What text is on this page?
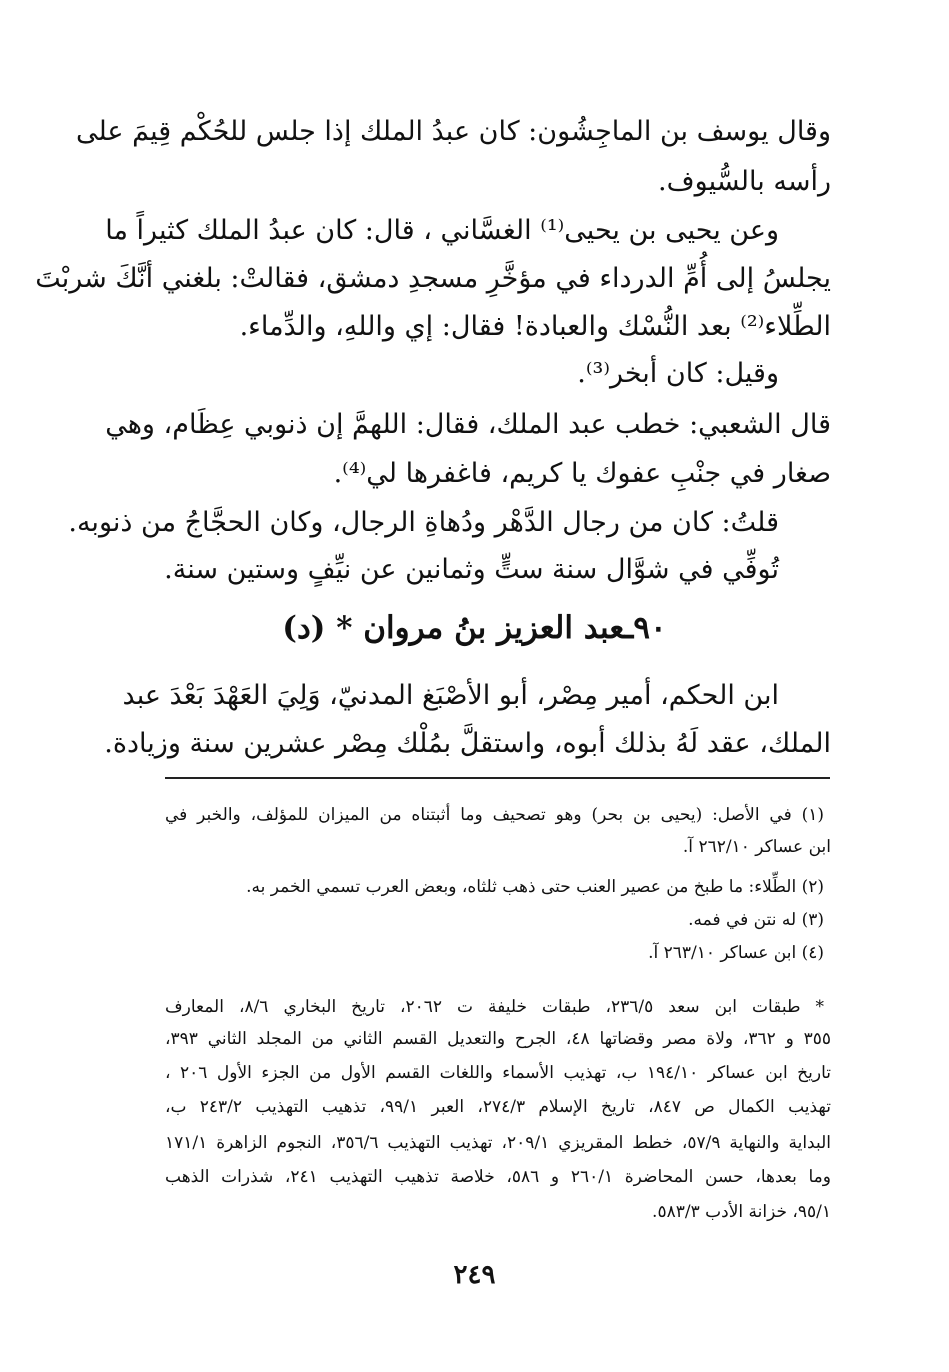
وقال يوسف بن الماجِشُون: كان عبدُ الملك إذا جلس للحُكْم قِيمَ على
رأسه بالسُّيوف.
وعن يحيى بن يحيى⁽¹⁾ الغسَّاني ، قال: كان عبدُ الملك كثيراً ما
يجلسُ إلى أُمِّ الدرداء في مؤخَّرِ مسجدِ دمشق، فقالتْ: بلغني أنَّكَ شربْتَ
الطِّلاء⁽²⁾ بعد النُّسْك والعبادة! فقال: إي واللهِ، والدِّماء.
وقيل: كان أبخر⁽³⁾.
قال الشعبي: خطب عبد الملك، فقال: اللهمَّ إن ذنوبي عِظَام، وهي
صغار في جنْبِ عفوك يا كريم، فاغفرها لي⁽⁴⁾.
قلتُ: كان من رجال الدَّهْر ودُهاةِ الرجال، وكان الحجَّاجُ من ذنوبه.
تُوفِّي في شوَّال سنة ستٍّ وثمانين عن نيِّفٍ وستين سنة.
٩٠ـعبد العزيز بنُ مروان * (د)
ابن الحكم، أمير مِصْر، أبو الأصْبَغ المدنيّ، وَلِيَ العَهْدَ بَعْدَ عبد
الملك، عقد لَهُ بذلك أبوه، واستقلَّ بمُلْك مِصْر عشرين سنة وزيادة.
(١) في الأصل: (يحيى بن بحر) وهو تصحيف وما أثبتناه من الميزان للمؤلف، والخبر في
ابن عساكر ٢٦٢/١٠ آ.
(٢) الطِّلاء: ما طبخ من عصير العنب حتى ذهب ثلثاه، وبعض العرب تسمي الخمر به.
(٣) له نتن في فمه.
(٤) ابن عساكر ٢٦٣/١٠ آ.
* طبقات ابن سعد ٢٣٦/٥، طبقات خليفة ت ٢٠٦٢، تاريخ البخاري ٨/٦، المعارف
٣٥٥ و ٣٦٢، ولاة مصر وقضاتها ٤٨، الجرح والتعديل القسم الثاني من المجلد الثاني ٣٩٣،
تاريخ ابن عساكر ١٩٤/١٠ ب، تهذيب الأسماء واللغات القسم الأول من الجزء الأول ٢٠٦ ،
تهذيب الكمال ص ٨٤٧، تاريخ الإسلام ٢٧٤/٣، العبر ٩٩/١، تذهيب التهذيب ٢٤٣/٢ ب،
البداية والنهاية ٥٧/٩، خطط المقريزي ٢٠٩/١، تهذيب التهذيب ٣٥٦/٦، النجوم الزاهرة ١٧١/١
وما بعدها، حسن المحاضرة ٢٦٠/١ و ٥٨٦، خلاصة تذهيب التهذيب ٢٤١، شذرات الذهب
٩٥/١، خزانة الأدب ٥٨٣/٣.
٢٤٩
